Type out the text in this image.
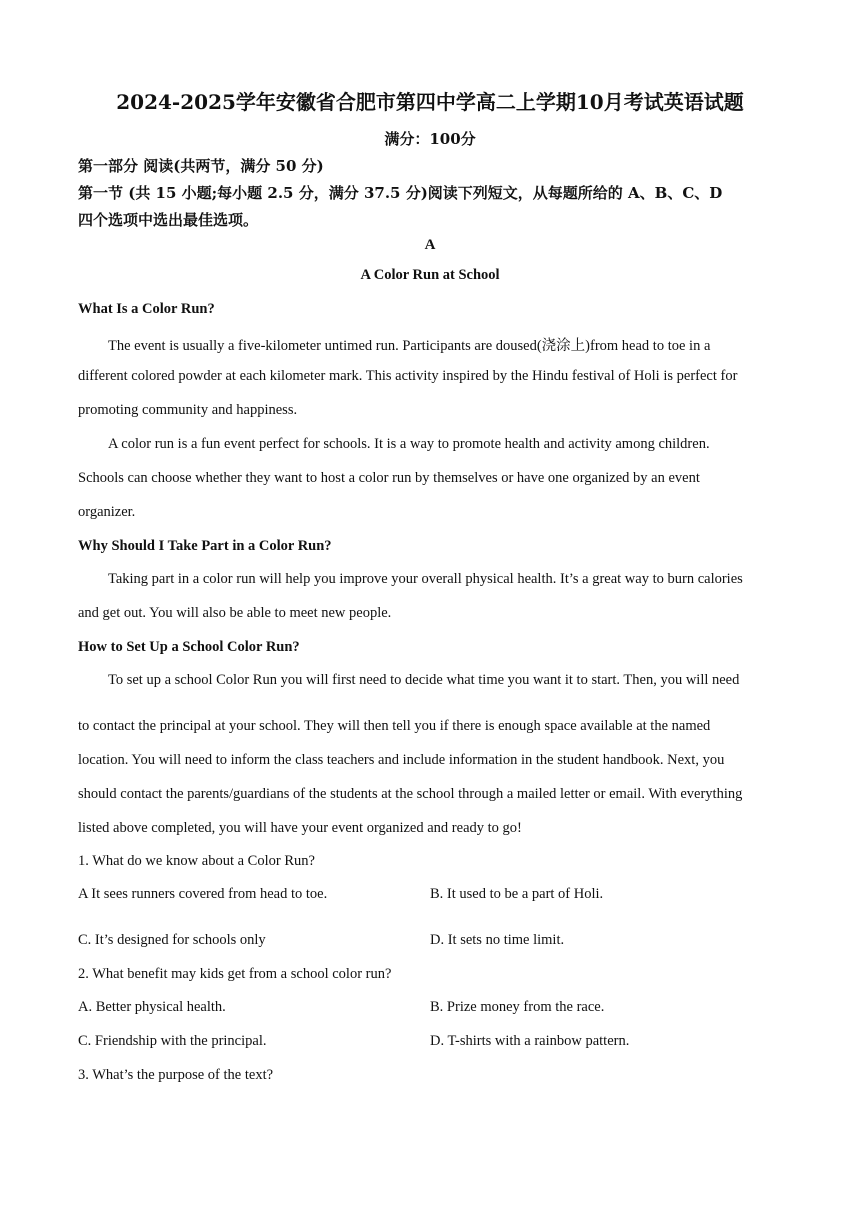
2024-2025学年安徽省合肥市第四中学高二上学期10月考试英语试题
满分：100分
第一部分 阅读(共两节，满分 50 分)
第一节 (共 15 小题;每小题 2.5 分，满分 37.5 分)阅读下列短文，从每题所给的 A、B、C、D
四个选项中选出最佳选项。
A
A Color Run at School
What Is a Color Run?
The event is usually a five-kilometer untimed run. Participants are doused(浇涂上)from head to toe in a
different colored powder at each kilometer mark. This activity inspired by the Hindu festival of Holi is perfect for
promoting community and happiness.
A color run is a fun event perfect for schools. It is a way to promote health and activity among children.
Schools can choose whether they want to host a color run by themselves or have one organized by an event
organizer.
Why Should I Take Part in a Color Run?
Taking part in a color run will help you improve your overall physical health. It’s a great way to burn calories
and get out. You will also be able to meet new people.
How to Set Up a School Color Run?
To set up a school Color Run you will first need to decide what time you want it to start. Then, you will need
to contact the principal at your school. They will then tell you if there is enough space available at the named
location. You will need to inform the class teachers and include information in the student handbook. Next, you
should contact the parents/guardians of the students at the school through a mailed letter or email. With everything
listed above completed, you will have your event organized and ready to go!
1. What do we know about a Color Run?
A It sees runners covered from head to toe.	B. It used to be a part of Holi.
C. It’s designed for schools only	D. It sets no time limit.
2. What benefit may kids get from a school color run?
A. Better physical health.	B. Prize money from the race.
C. Friendship with the principal.	D. T-shirts with a rainbow pattern.
3. What’s the purpose of the text?
